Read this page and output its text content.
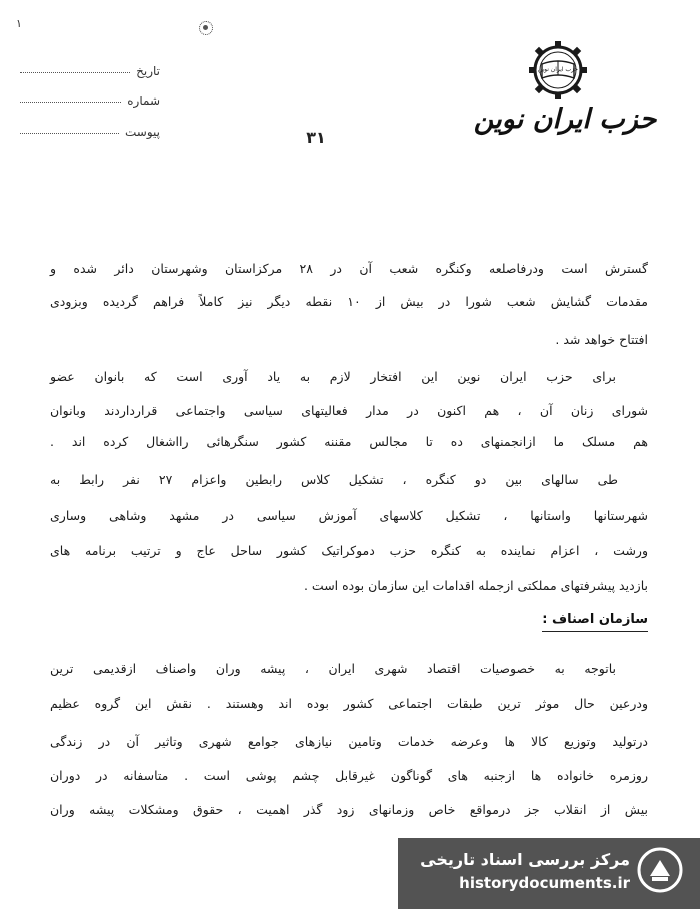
۱
تاریخ
شماره
پیوست
حزب ایران نوین
حزب ایران نوین
۳۱
گسترش است ودرفاصلعه وکنگره شعب آن در ۲۸ مرکزاستان وشهرستان دائر شده و
مقدمات گشایش شعب شورا در بیش از ۱۰ نقطه دیگر نیز کاملاً فراهم گردیده وبزودی
افتتاح خواهد شد .
برای حزب ایران نوین این افتخار لازم به یاد آوری است که بانوان عضو
شورای زنان آن ، هم اکنون در مدار فعالیتهای سیاسی واجتماعی قرارداردند وبانوان
هم مسلک ما ازانجمنهای ده تا مجالس مقننه کشور سنگرهائی رااشغال کرده اند .
طی سالهای بین دو کنگره ، تشکیل کلاس رابطین واعزام ۲۷ نفر رابط به
شهرستانها واستانها ، تشکیل کلاسهای آموزش سیاسی در مشهد وشاهی وساری
ورشت ، اعزام نماینده به کنگره حزب دموکراتیک کشور ساحل عاج و ترتیب برنامه های
بازدید پیشرفتهای مملکتی ازجمله اقدامات این سازمان بوده است .
سازمان اصناف :
باتوجه به خصوصیات اقتصاد شهری ایران ، پیشه وران واصناف ازقدیمی ترین
ودرعین حال موثر ترین طبقات اجتماعی کشور بوده اند وهستند . نقش این گروه عظیم
درتولید وتوزیع کالا ها وعرضه خدمات وتامین نیازهای جوامع شهری وتاثیر آن در زندگی
روزمره خانواده ها ازجنبه های گوناگون غیرقابل چشم پوشی است . متاسفانه در دوران
بیش از انقلاب جز درمواقع خاص وزمانهای زود گذر اهمیت ، حقوق ومشکلات پیشه وران
مرکز بررسی اسناد تاریخی
historydocuments.ir
